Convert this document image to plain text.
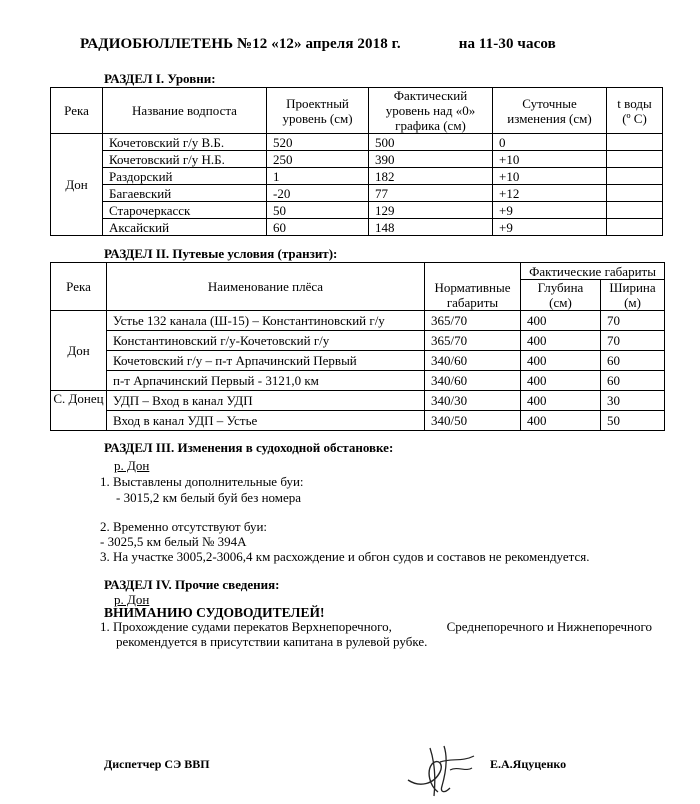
РАДИОБЮЛЛЕТЕНЬ №12 «12» апреля 2018 г.	на 11-30 часов
РАЗДЕЛ I. Уровни:
Река	Название водпоста	Проектный уровень (см)	Фактический уровень над «0» графика (см)	Суточные изменения (см)	t воды (º С)
Дон	Кочетовский г/у В.Б.	520	500	0	
	Кочетовский г/у Н.Б.	250	390	+10	
	Раздорский	1	182	+10	
	Багаевский	-20	77	+12	
	Старочеркасск	50	129	+9	
	Аксайский	60	148	+9	
РАЗДЕЛ II. Путевые условия (транзит):
Река	Наименование плёса	Нормативные габариты	Фактические габариты	
			Глубина (см)	Ширина (м)
Дон	Устье 132 канала (Ш-15) – Константиновский г/у	365/70	400	70
	Константиновский г/у-Кочетовский г/у	365/70	400	70
	Кочетовский г/у – п-т Арпачинский Первый	340/60	400	60
	п-т Арпачинский Первый - 3121,0 км	340/60	400	60
С. Донец	УДП – Вход в канал УДП	340/30	400	30
	Вход в канал УДП – Устье	340/50	400	50
РАЗДЕЛ III. Изменения в судоходной обстановке:
р. Дон
1. Выставлены дополнительные буи:
- 3015,2 км белый буй без номера
2. Временно отсутствуют буи:
- 3025,5 км белый № 394А
3. На участке 3005,2-3006,4 км расхождение и обгон судов и составов не рекомендуется.
РАЗДЕЛ IV. Прочие сведения:
р. Дон
ВНИМАНИЮ СУДОВОДИТЕЛЕЙ!
1. Прохождение судами перекатов Верхнепоречного,	Среднепоречного и Нижнепоречного
рекомендуется в присутствии капитана в рулевой рубке.
Диспетчер СЭ ВВП	Е.А.Яцуценко
